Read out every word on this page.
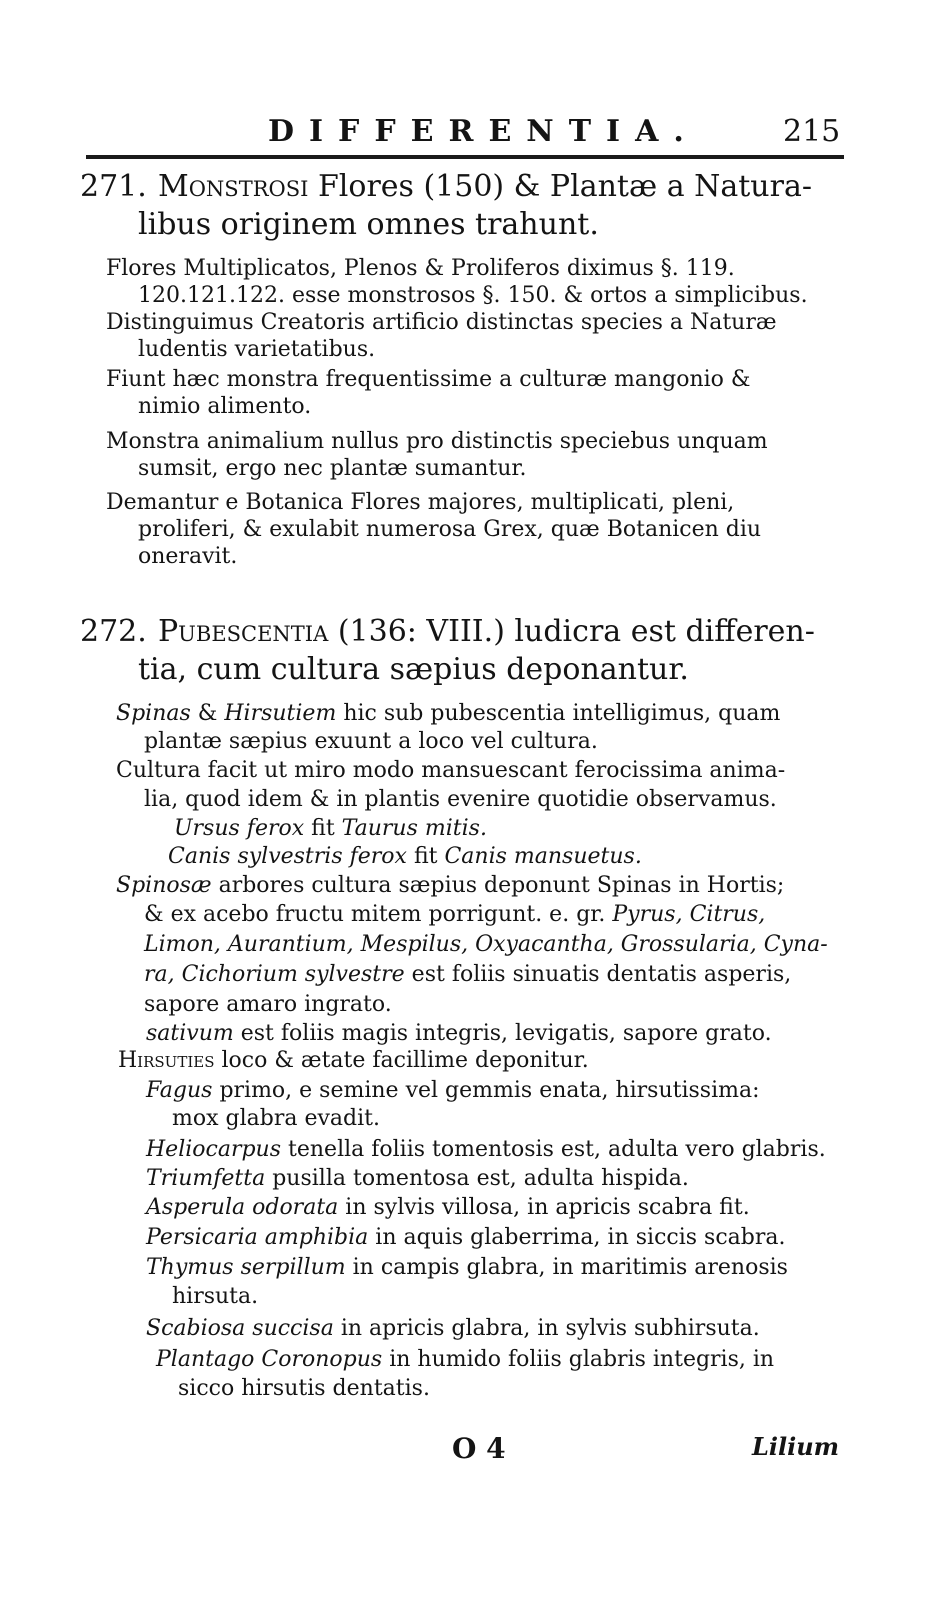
DIFFERENTIA.	215
271. Monstrosi Flores (150) & Plantæ a Natura-
libus originem omnes trahunt.
Flores Multiplicatos, Plenos & Proliferos diximus §. 119.
120.121.122. esse monstrosos §. 150. & ortos a simplicibus.
Distinguimus Creatoris artificio distinctas species a Naturæ
ludentis varietatibus.
Fiunt hæc monstra frequentissime a culturæ mangonio &
nimio alimento.
Monstra animalium nullus pro distinctis speciebus unquam
sumsit, ergo nec plantæ sumantur.
Demantur e Botanica Flores majores, multiplicati, pleni,
proliferi, & exulabit numerosa Grex, quæ Botanicen diu
oneravit.
272. Pubescentia (136: VIII.) ludicra est differen-
tia, cum cultura sæpius deponantur.
Spinas & Hirsutiem hic sub pubescentia intelligimus, quam
plantæ sæpius exuunt a loco vel cultura.
Cultura facit ut miro modo mansuescant ferocissima anima-
lia, quod idem & in plantis evenire quotidie observamus.
Ursus ferox fit Taurus mitis.
Canis sylvestris ferox fit Canis mansuetus.
Spinosæ arbores cultura sæpius deponunt Spinas in Hortis;
& ex acebo fructu mitem porrigunt. e. gr. Pyrus, Citrus,
Limon, Aurantium, Mespilus, Oxyacantha, Grossularia, Cyna-
ra, Cichorium sylvestre est foliis sinuatis dentatis asperis,
sapore amaro ingrato.
sativum est foliis magis integris, levigatis, sapore grato.
Hirsuties loco & ætate facillime deponitur.
Fagus primo, e semine vel gemmis enata, hirsutissima:
mox glabra evadit.
Heliocarpus tenella foliis tomentosis est, adulta vero glabris.
Triumfetta pusilla tomentosa est, adulta hispida.
Asperula odorata in sylvis villosa, in apricis scabra fit.
Persicaria amphibia in aquis glaberrima, in siccis scabra.
Thymus serpillum in campis glabra, in maritimis arenosis
hirsuta.
Scabiosa succisa in apricis glabra, in sylvis subhirsuta.
Plantago Coronopus in humido foliis glabris integris, in
sicco hirsutis dentatis.
O 4	Lilium
